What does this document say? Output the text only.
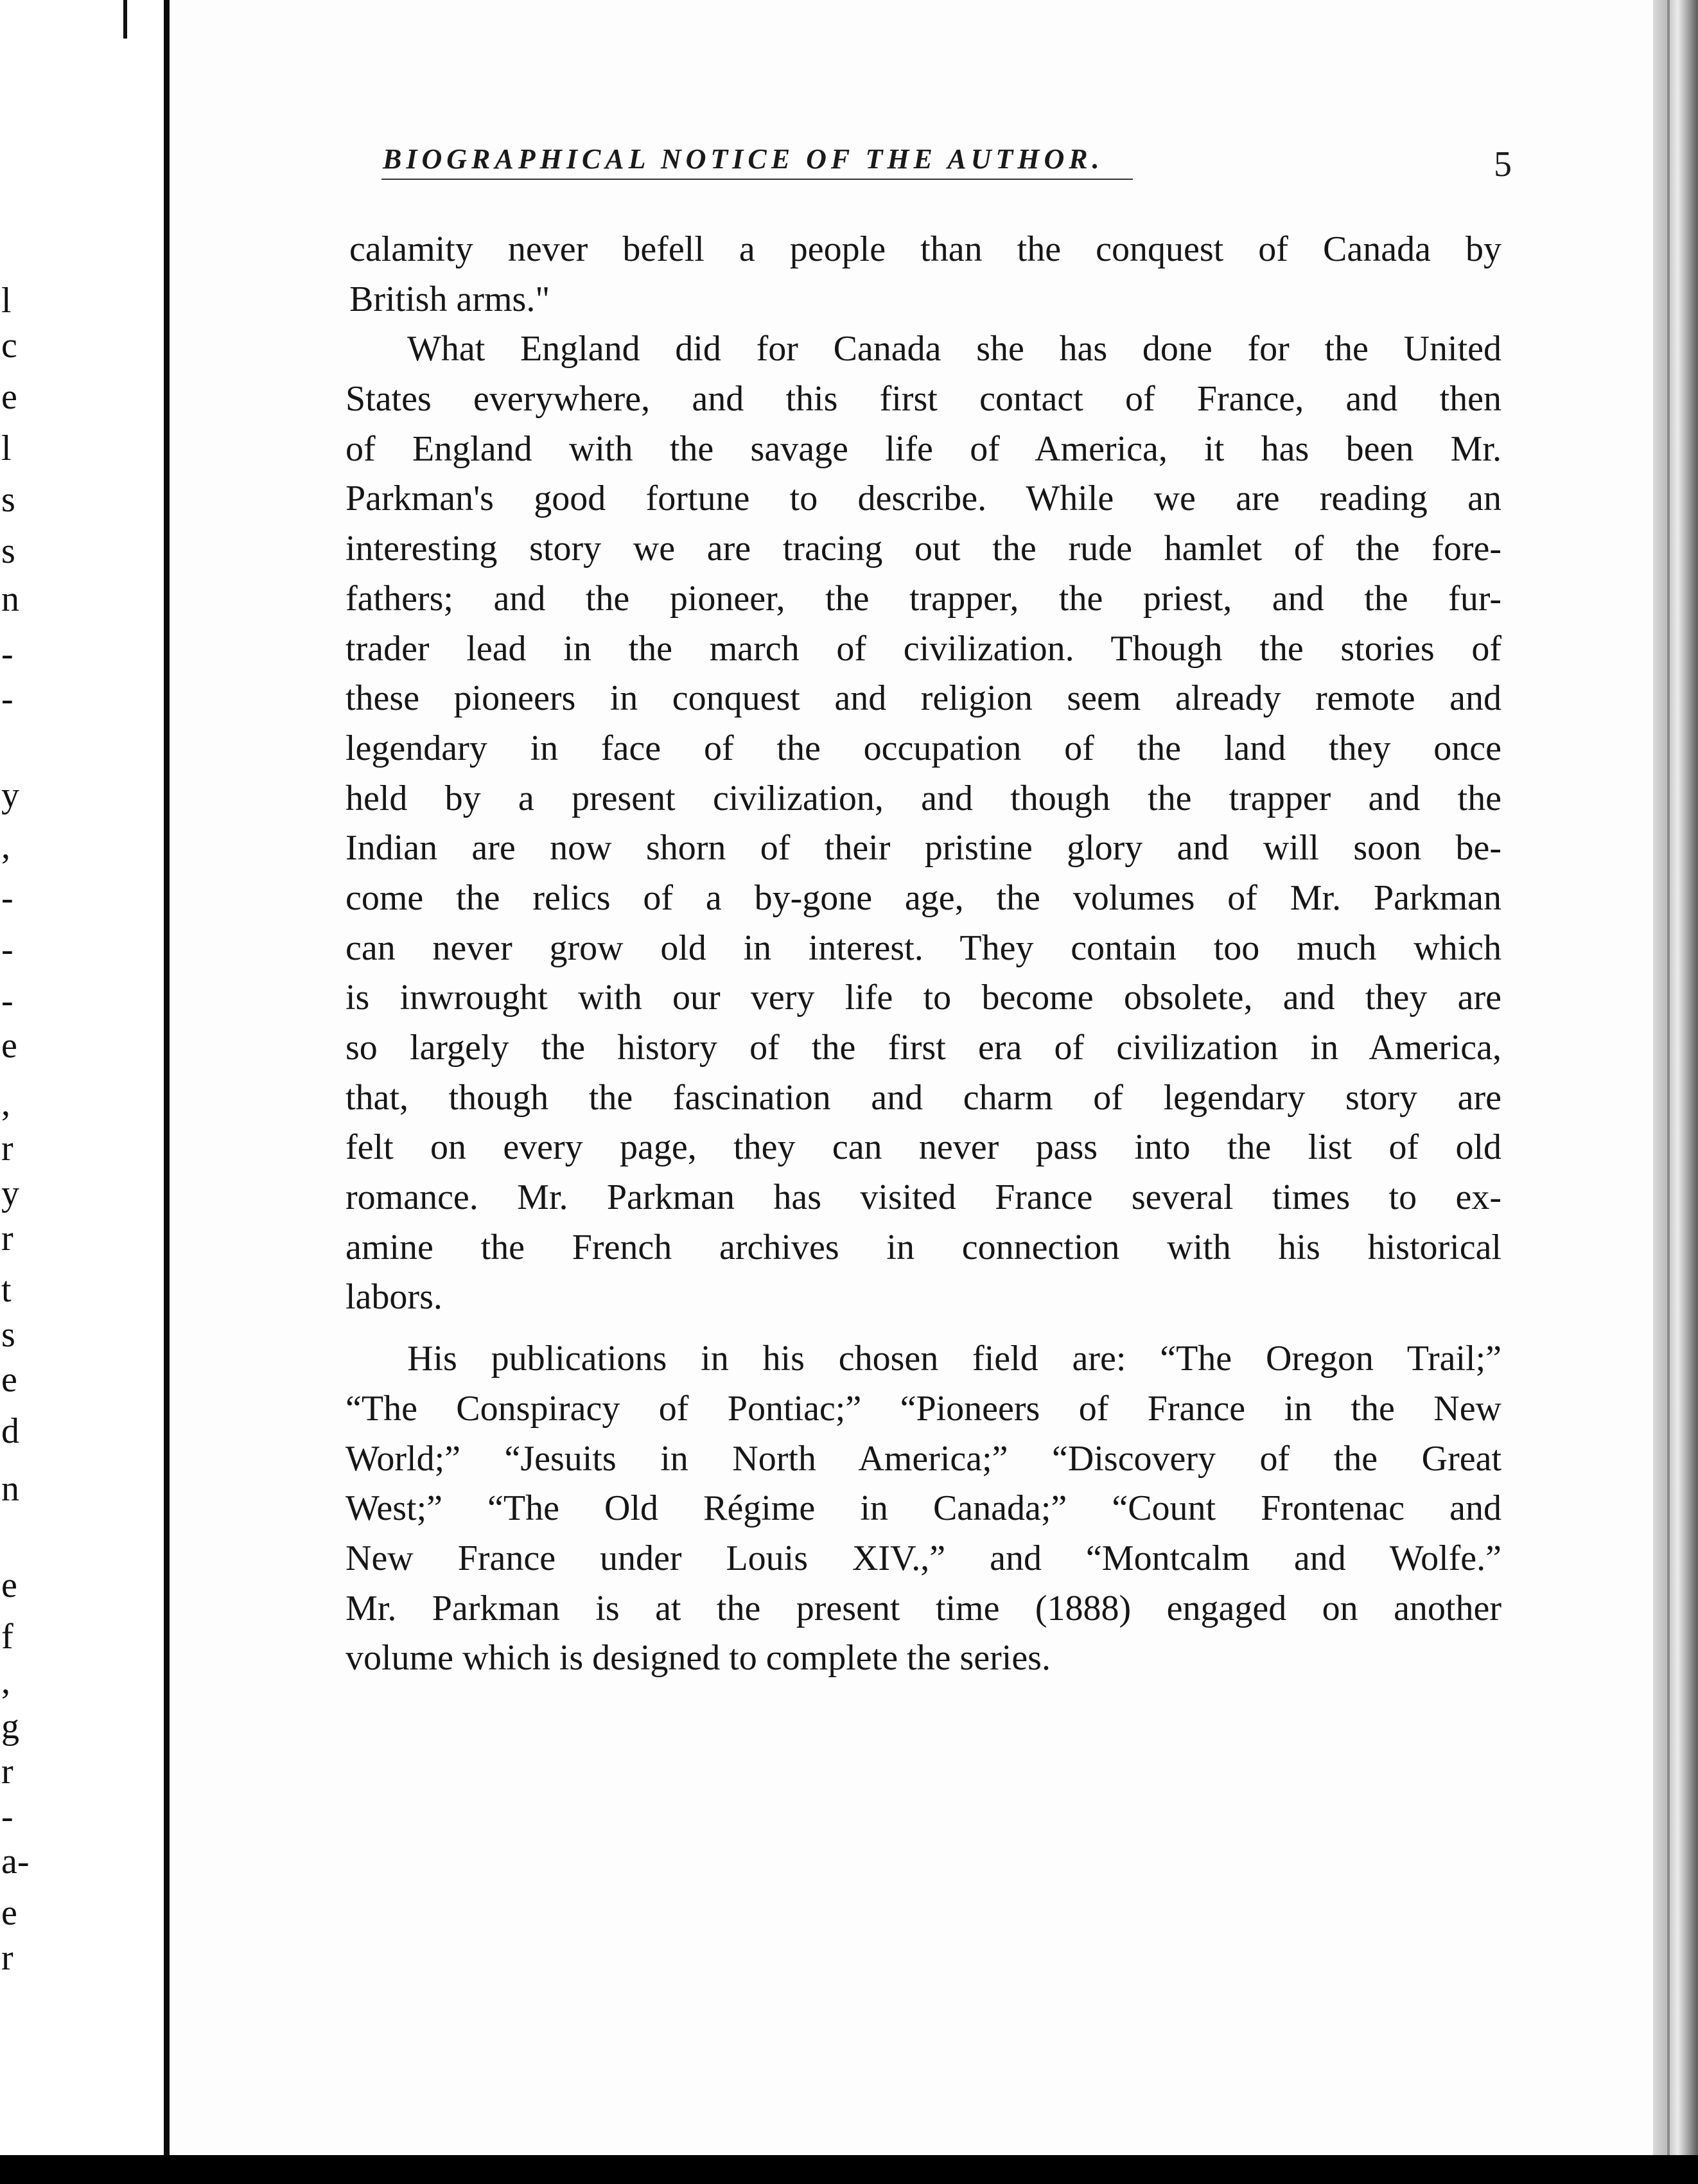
l
c
e
l
s
s
n
-
-
y
,
-
-
-
e
,
r
y
r
t
s
e
d
n
e
f
,
g
r
-
a-
e
r
BIOGRAPHICAL NOTICE OF THE AUTHOR.	5
calamity never befell a people than the conquest of Canada by
British arms."
What England did for Canada she has done for the United
States everywhere, and this first contact of France, and then
of England with the savage life of America, it has been Mr.
Parkman's good fortune to describe. While we are reading an
interesting story we are tracing out the rude hamlet of the fore-
fathers; and the pioneer, the trapper, the priest, and the fur-
trader lead in the march of civilization. Though the stories of
these pioneers in conquest and religion seem already remote and
legendary in face of the occupation of the land they once
held by a present civilization, and though the trapper and the
Indian are now shorn of their pristine glory and will soon be-
come the relics of a by-gone age, the volumes of Mr. Parkman
can never grow old in interest. They contain too much which
is inwrought with our very life to become obsolete, and they are
so largely the history of the first era of civilization in America,
that, though the fascination and charm of legendary story are
felt on every page, they can never pass into the list of old
romance. Mr. Parkman has visited France several times to ex-
amine the French archives in connection with his historical
labors.
His publications in his chosen field are: “The Oregon Trail;”
“The Conspiracy of Pontiac;” “Pioneers of France in the New
World;” “Jesuits in North America;” “Discovery of the Great
West;” “The Old Régime in Canada;” “Count Frontenac and
New France under Louis XIV.,” and “Montcalm and Wolfe.”
Mr. Parkman is at the present time (1888) engaged on another
volume which is designed to complete the series.
